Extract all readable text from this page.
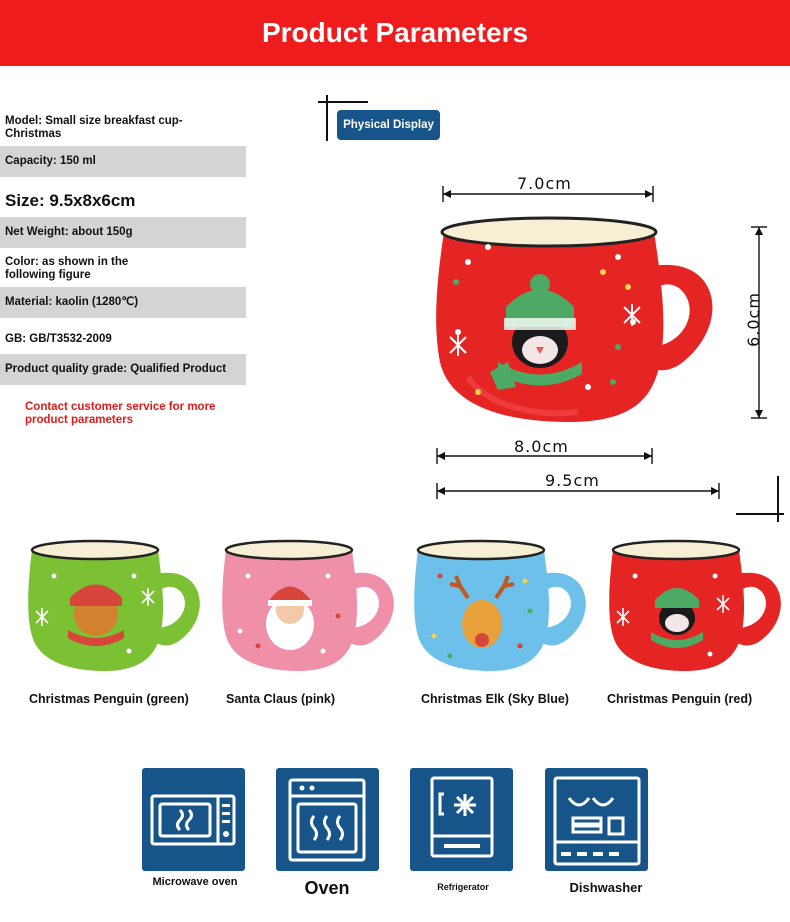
Product Parameters
Model: Small size breakfast cup-Christmas
Capacity: 150 ml
Size: 9.5x8x6cm
Net Weight: about 150g
Color: as shown in the following figure
Material: kaolin (1280℃)
GB: GB/T3532-2009
Product quality grade: Qualified Product
Contact customer service for more product parameters
Physical Display
7.0cm
8.0cm
9.5cm
6.0cm
Christmas Penguin (green)	Santa Claus (pink)	Christmas Elk (Sky Blue)	Christmas Penguin (red)
Microwave oven	Oven	Refrigerator	Dishwasher
